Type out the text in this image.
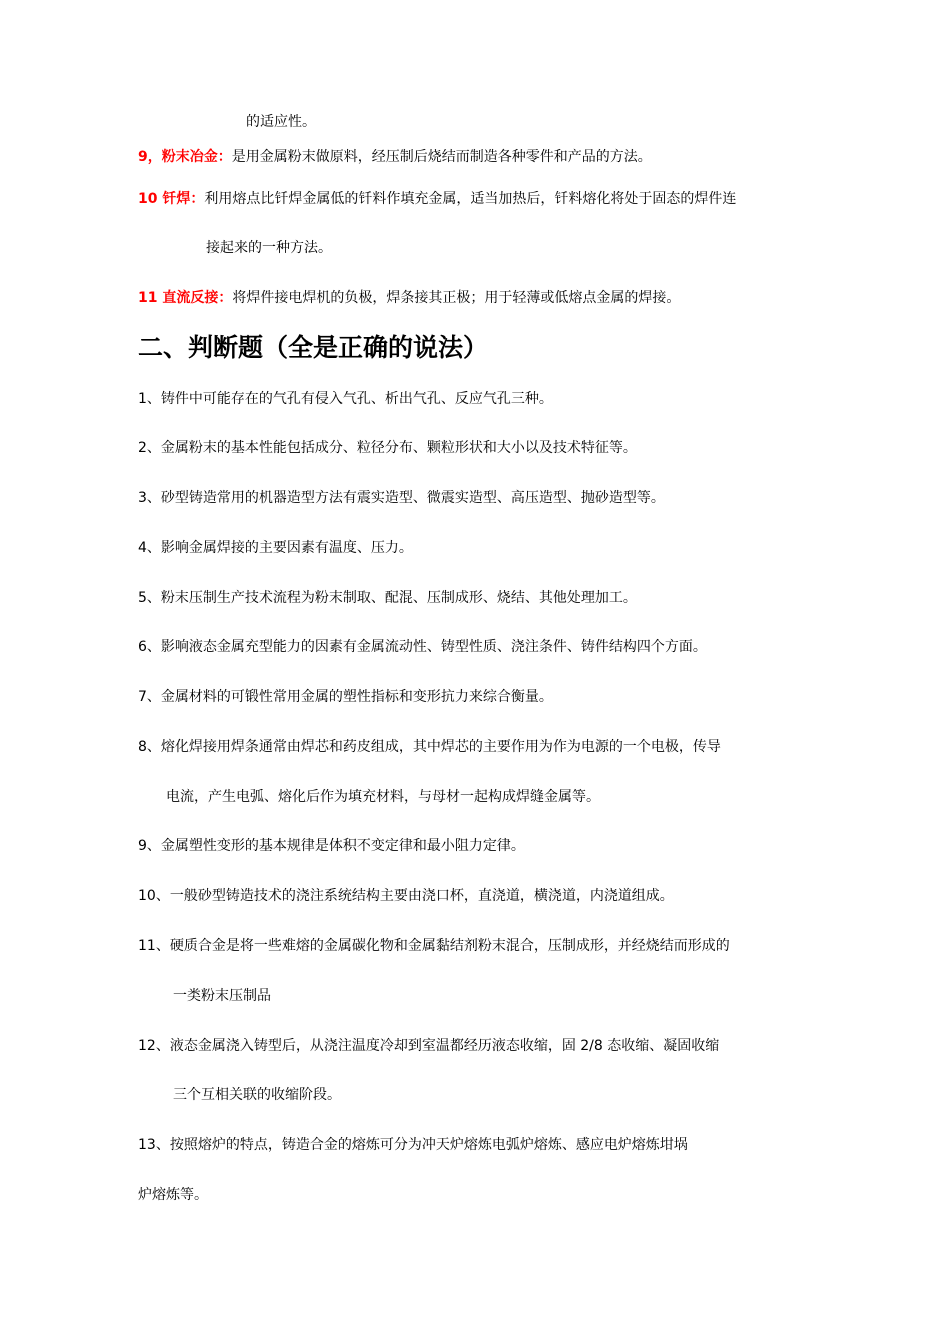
的适应性。
9，粉末冶金：是用金属粉末做原料，经压制后烧结而制造各种零件和产品的方法。
10 钎焊：利用熔点比钎焊金属低的钎料作填充金属，适当加热后，钎料熔化将处于固态的焊件连
接起来的一种方法。
11 直流反接：将焊件接电焊机的负极，焊条接其正极；用于轻薄或低熔点金属的焊接。
二、判断题（全是正确的说法）
1、铸件中可能存在的气孔有侵入气孔、析出气孔、反应气孔三种。
2、金属粉末的基本性能包括成分、粒径分布、颗粒形状和大小以及技术特征等。
3、砂型铸造常用的机器造型方法有震实造型、微震实造型、高压造型、抛砂造型等。
4、影响金属焊接的主要因素有温度、压力。
5、粉末压制生产技术流程为粉末制取、配混、压制成形、烧结、其他处理加工。
6、影响液态金属充型能力的因素有金属流动性、铸型性质、浇注条件、铸件结构四个方面。
7、金属材料的可锻性常用金属的塑性指标和变形抗力来综合衡量。
8、熔化焊接用焊条通常由焊芯和药皮组成，其中焊芯的主要作用为作为电源的一个电极，传导
电流，产生电弧、熔化后作为填充材料，与母材一起构成焊缝金属等。
9、金属塑性变形的基本规律是体积不变定律和最小阻力定律。
10、一般砂型铸造技术的浇注系统结构主要由浇口杯，直浇道，横浇道，内浇道组成。
11、硬质合金是将一些难熔的金属碳化物和金属黏结剂粉末混合，压制成形，并经烧结而形成的
一类粉末压制品
12、液态金属浇入铸型后，从浇注温度冷却到室温都经历液态收缩，固 2/8 态收缩、凝固收缩
三个互相关联的收缩阶段。
13、按照熔炉的特点，铸造合金的熔炼可分为冲天炉熔炼电弧炉熔炼、感应电炉熔炼坩埚
炉熔炼等。
